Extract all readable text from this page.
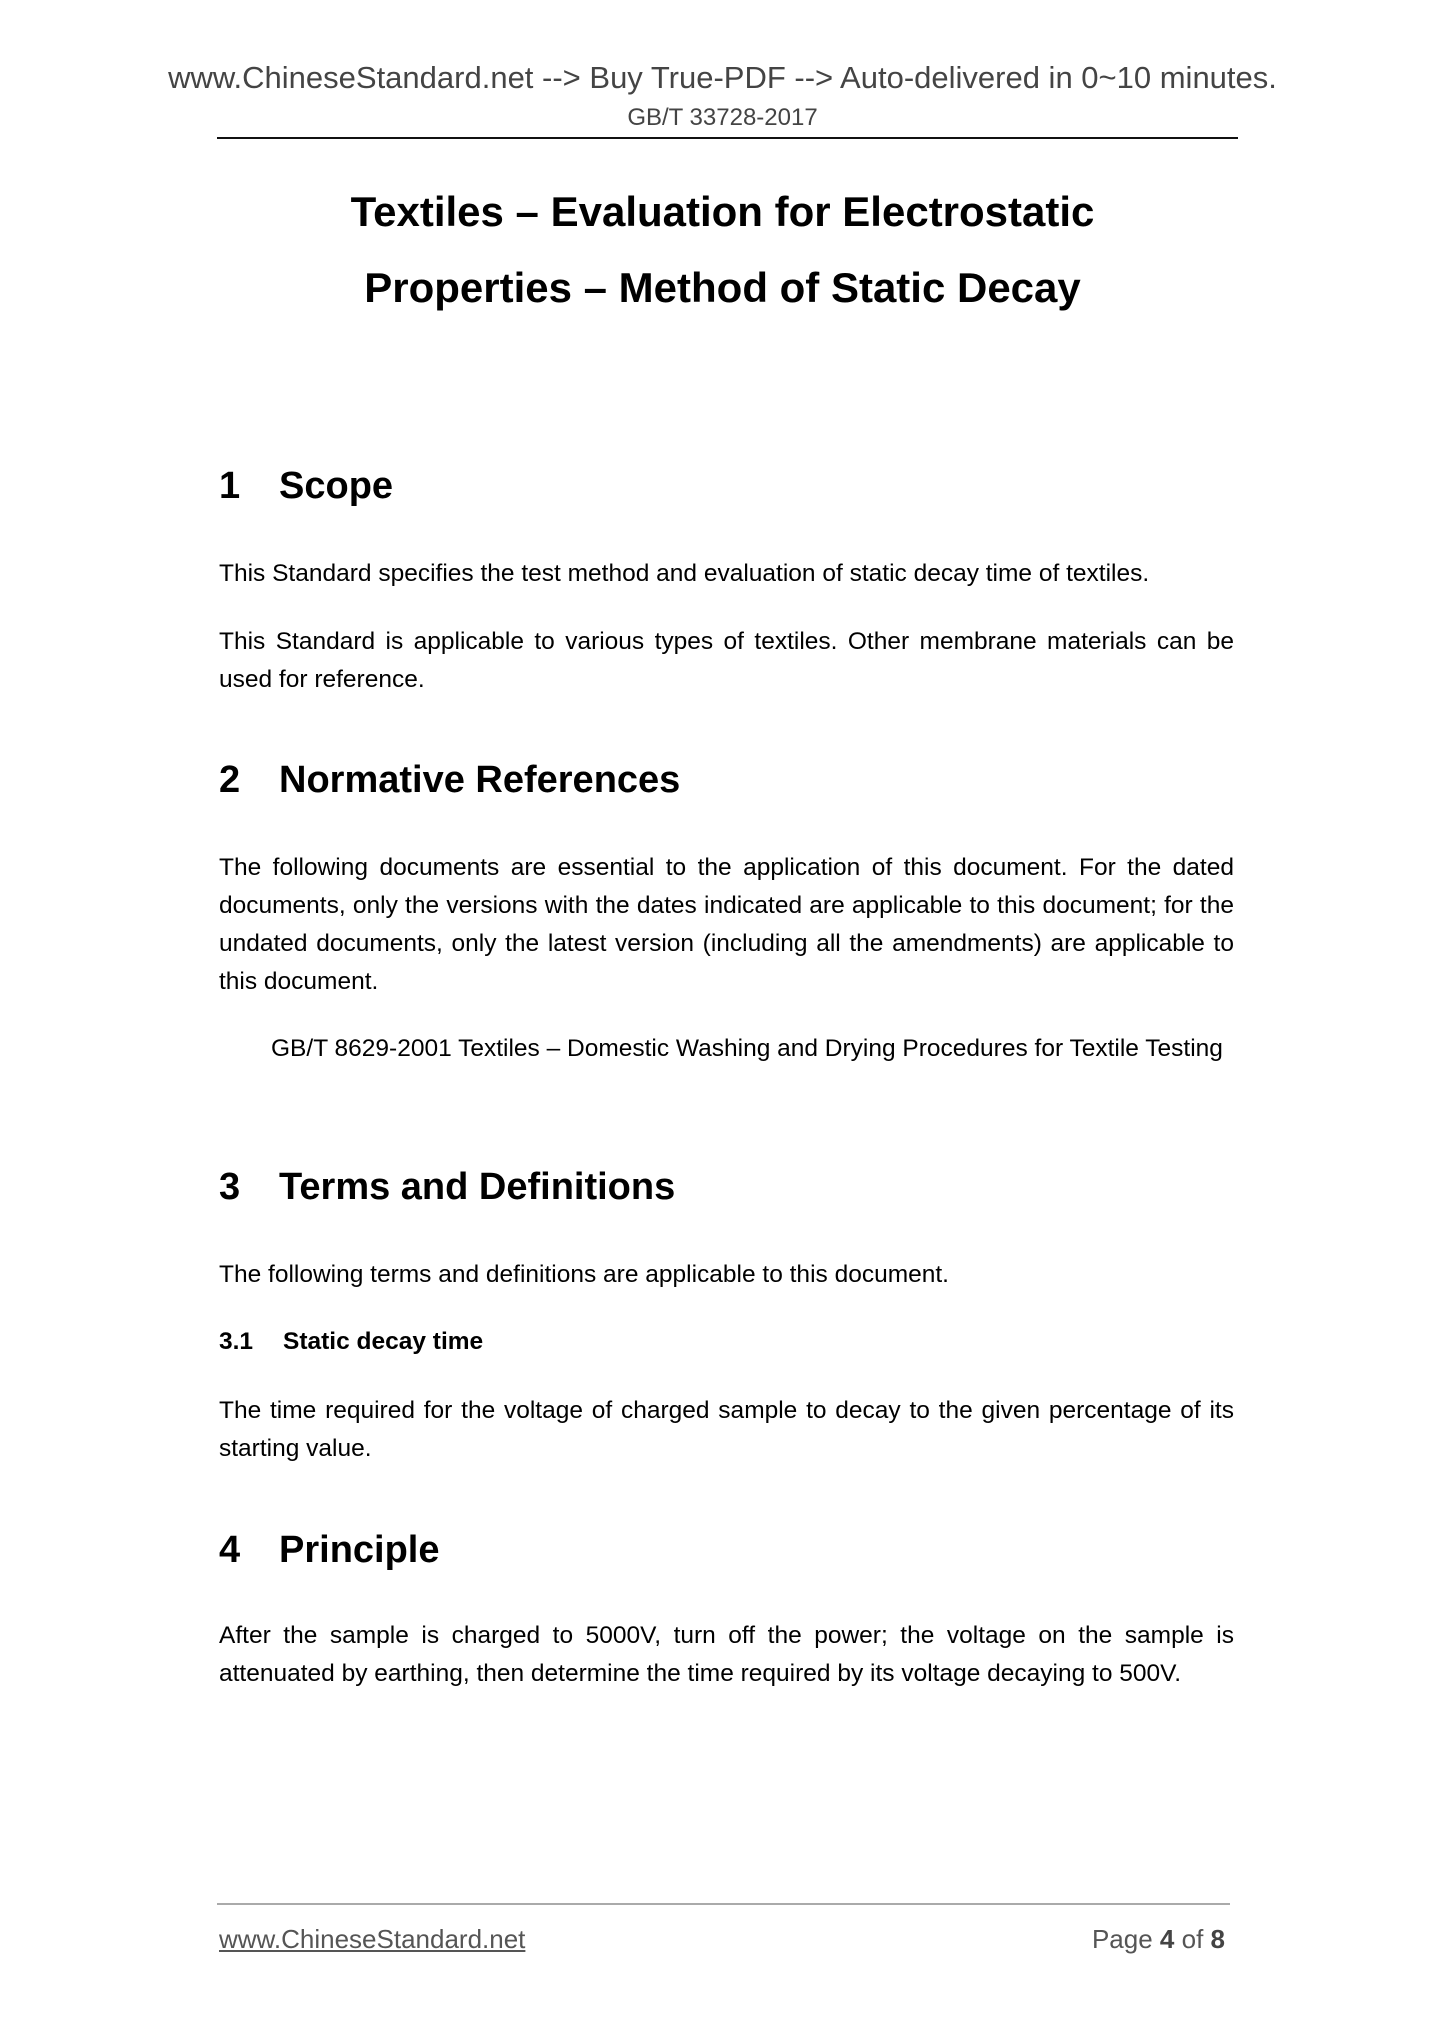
www.ChineseStandard.net --> Buy True-PDF --> Auto-delivered in 0~10 minutes.
GB/T 33728-2017
Textiles – Evaluation for Electrostatic
Properties – Method of Static Decay
1 Scope
This Standard specifies the test method and evaluation of static decay time of textiles.
This Standard is applicable to various types of textiles. Other membrane materials can be used for reference.
2 Normative References
The following documents are essential to the application of this document. For the dated documents, only the versions with the dates indicated are applicable to this document; for the undated documents, only the latest version (including all the amendments) are applicable to this document.
GB/T 8629-2001 Textiles – Domestic Washing and Drying Procedures for Textile Testing
3 Terms and Definitions
The following terms and definitions are applicable to this document.
3.1 Static decay time
The time required for the voltage of charged sample to decay to the given percentage of its starting value.
4 Principle
After the sample is charged to 5000V, turn off the power; the voltage on the sample is attenuated by earthing, then determine the time required by its voltage decaying to 500V.
www.ChineseStandard.net	Page 4 of 8
